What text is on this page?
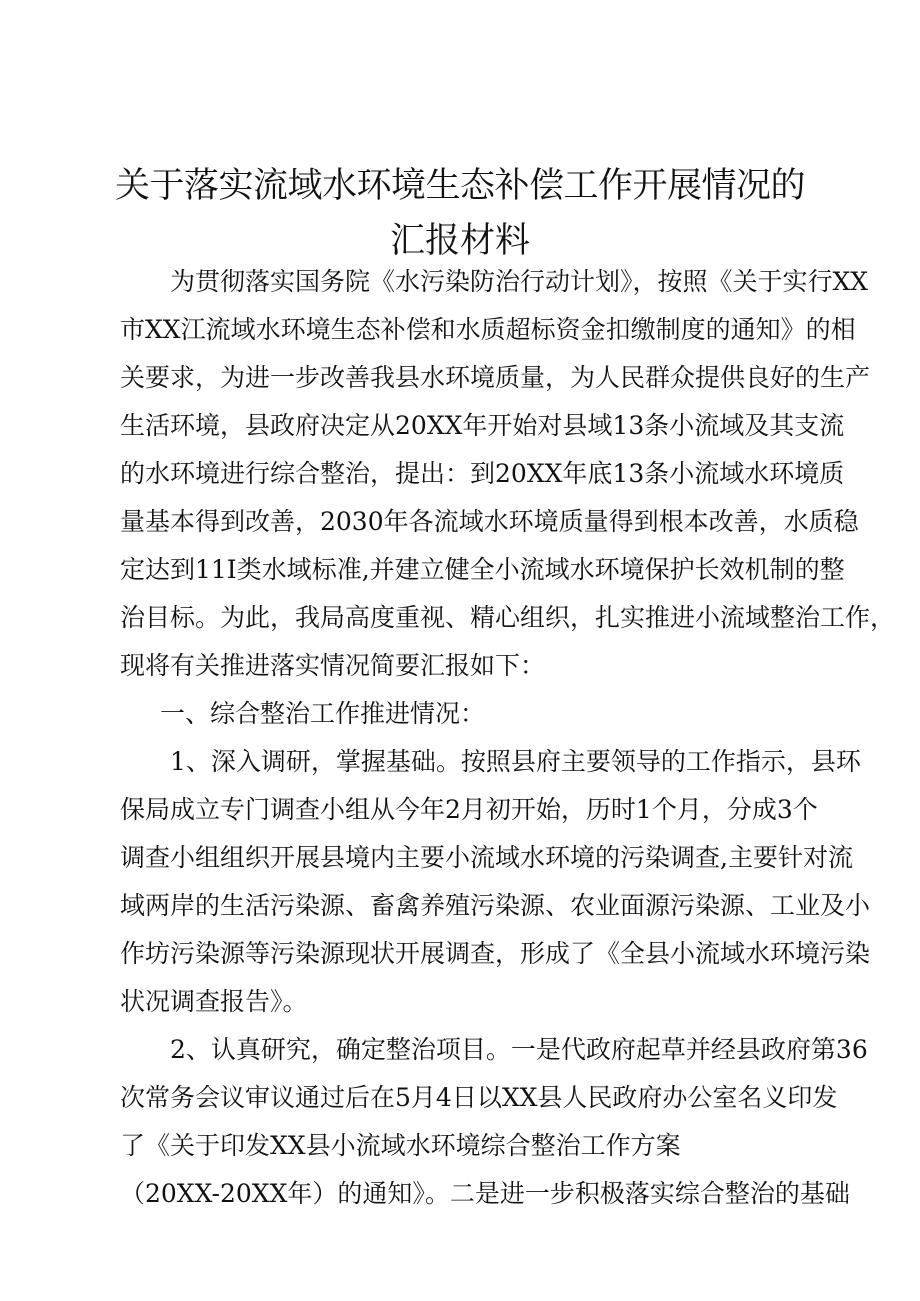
关于落实流域水环境生态补偿工作开展情况的
汇报材料
为贯彻落实国务院《水污染防治行动计划》，按照《关于实行XX
市XX江流域水环境生态补偿和水质超标资金扣缴制度的通知》的相
关要求，为进一步改善我县水环境质量，为人民群众提供良好的生产
生活环境，县政府决定从20XX年开始对县域13条小流域及其支流
的水环境进行综合整治，提出：到20XX年底13条小流域水环境质
量基本得到改善，2030年各流域水环境质量得到根本改善，水质稳
定达到11I类水域标准,并建立健全小流域水环境保护长效机制的整
治目标。为此，我局高度重视、精心组织，扎实推进小流域整治工作，
现将有关推进落实情况简要汇报如下：
一、综合整治工作推进情况：
1、深入调研，掌握基础。按照县府主要领导的工作指示，县环
保局成立专门调查小组从今年2月初开始，历时1个月，分成3个
调查小组组织开展县境内主要小流域水环境的污染调查,主要针对流
域两岸的生活污染源、畜禽养殖污染源、农业面源污染源、工业及小
作坊污染源等污染源现状开展调查，形成了《全县小流域水环境污染
状况调查报告》。
2、认真研究，确定整治项目。一是代政府起草并经县政府第36
次常务会议审议通过后在5月4日以XX县人民政府办公室名义印发
了《关于印发XX县小流域水环境综合整治工作方案
（20XX-20XX年）的通知》。二是进一步积极落实综合整治的基础
